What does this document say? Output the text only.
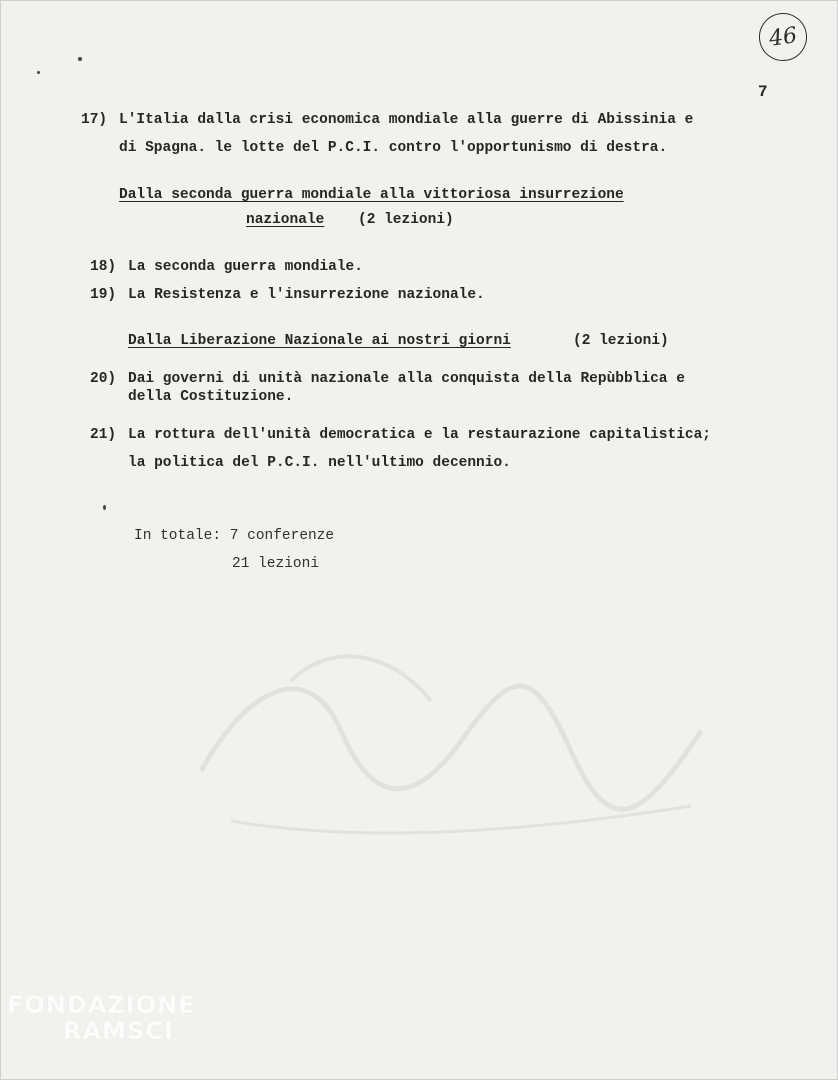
46
7
17) L'Italia dalla crisi economica mondiale alla guerre di Abissinia e
di Spagna. le lotte del P.C.I. contro l'opportunismo di destra.
Dalla seconda guerra mondiale alla vittoriosa insurrezione
nazionale (2 lezioni)
18) La seconda guerra mondiale.
19) La Resistenza e l'insurrezione nazionale.
Dalla Liberazione Nazionale ai nostri giorni	(2 lezioni)
20) Dai governi di unità nazionale alla conquista della Repùbblica e
della Costituzione.
21) La rottura dell'unità democratica e la restaurazione capitalistica;
la politica del P.C.I. nell'ultimo decennio.
In totale: 7 conferenze
21 lezioni
FONDAZIONE
RAMSCI
